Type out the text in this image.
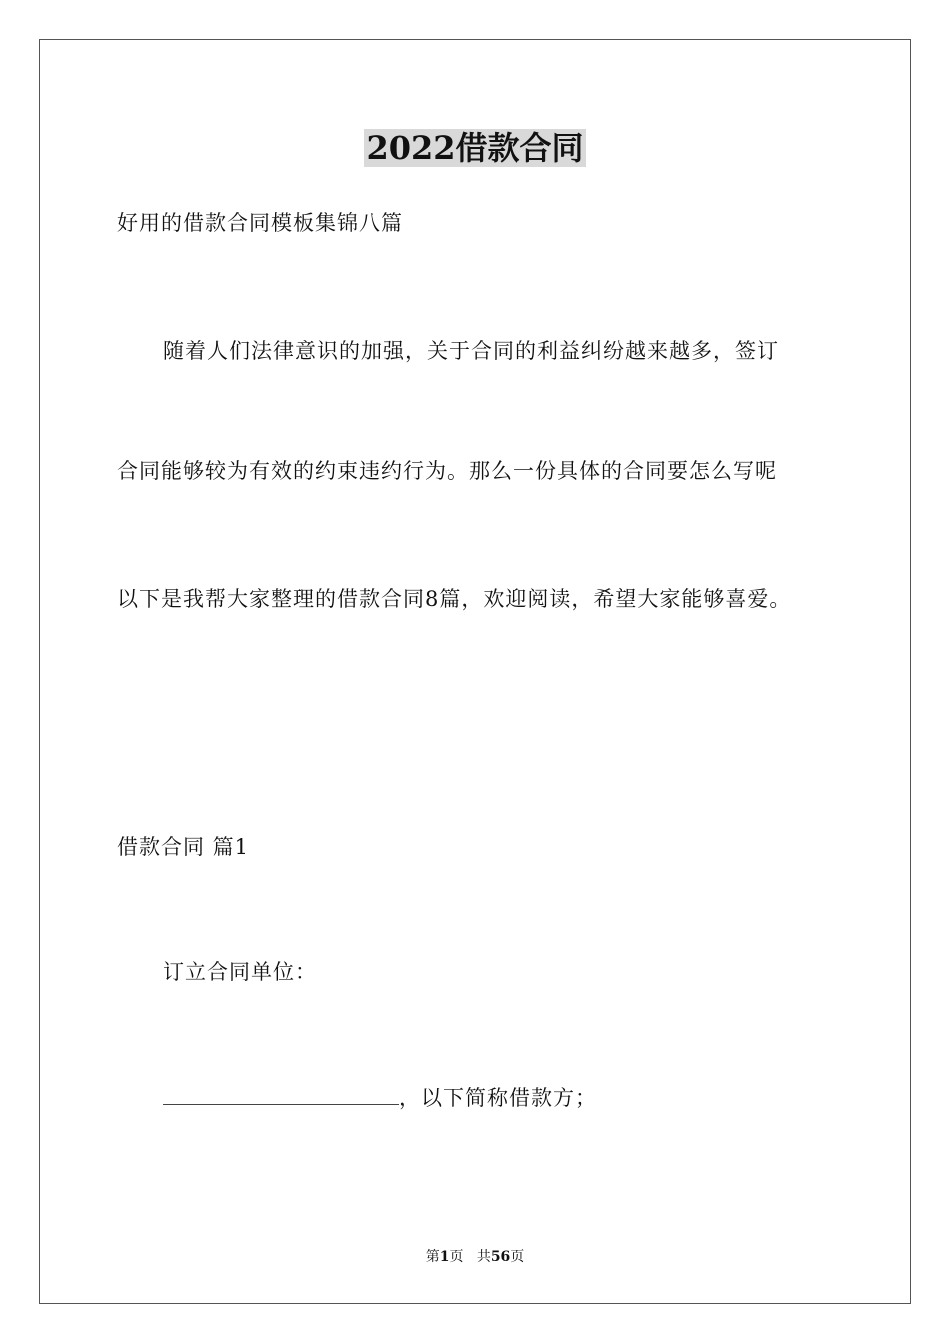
2022借款合同
好用的借款合同模板集锦八篇
随着人们法律意识的加强，关于合同的利益纠纷越来越多，签订
合同能够较为有效的约束违约行为。那么一份具体的合同要怎么写呢
以下是我帮大家整理的借款合同8篇，欢迎阅读，希望大家能够喜爱。
借款合同 篇1
订立合同单位：
，以下简称借款方；
第1页 共56页
